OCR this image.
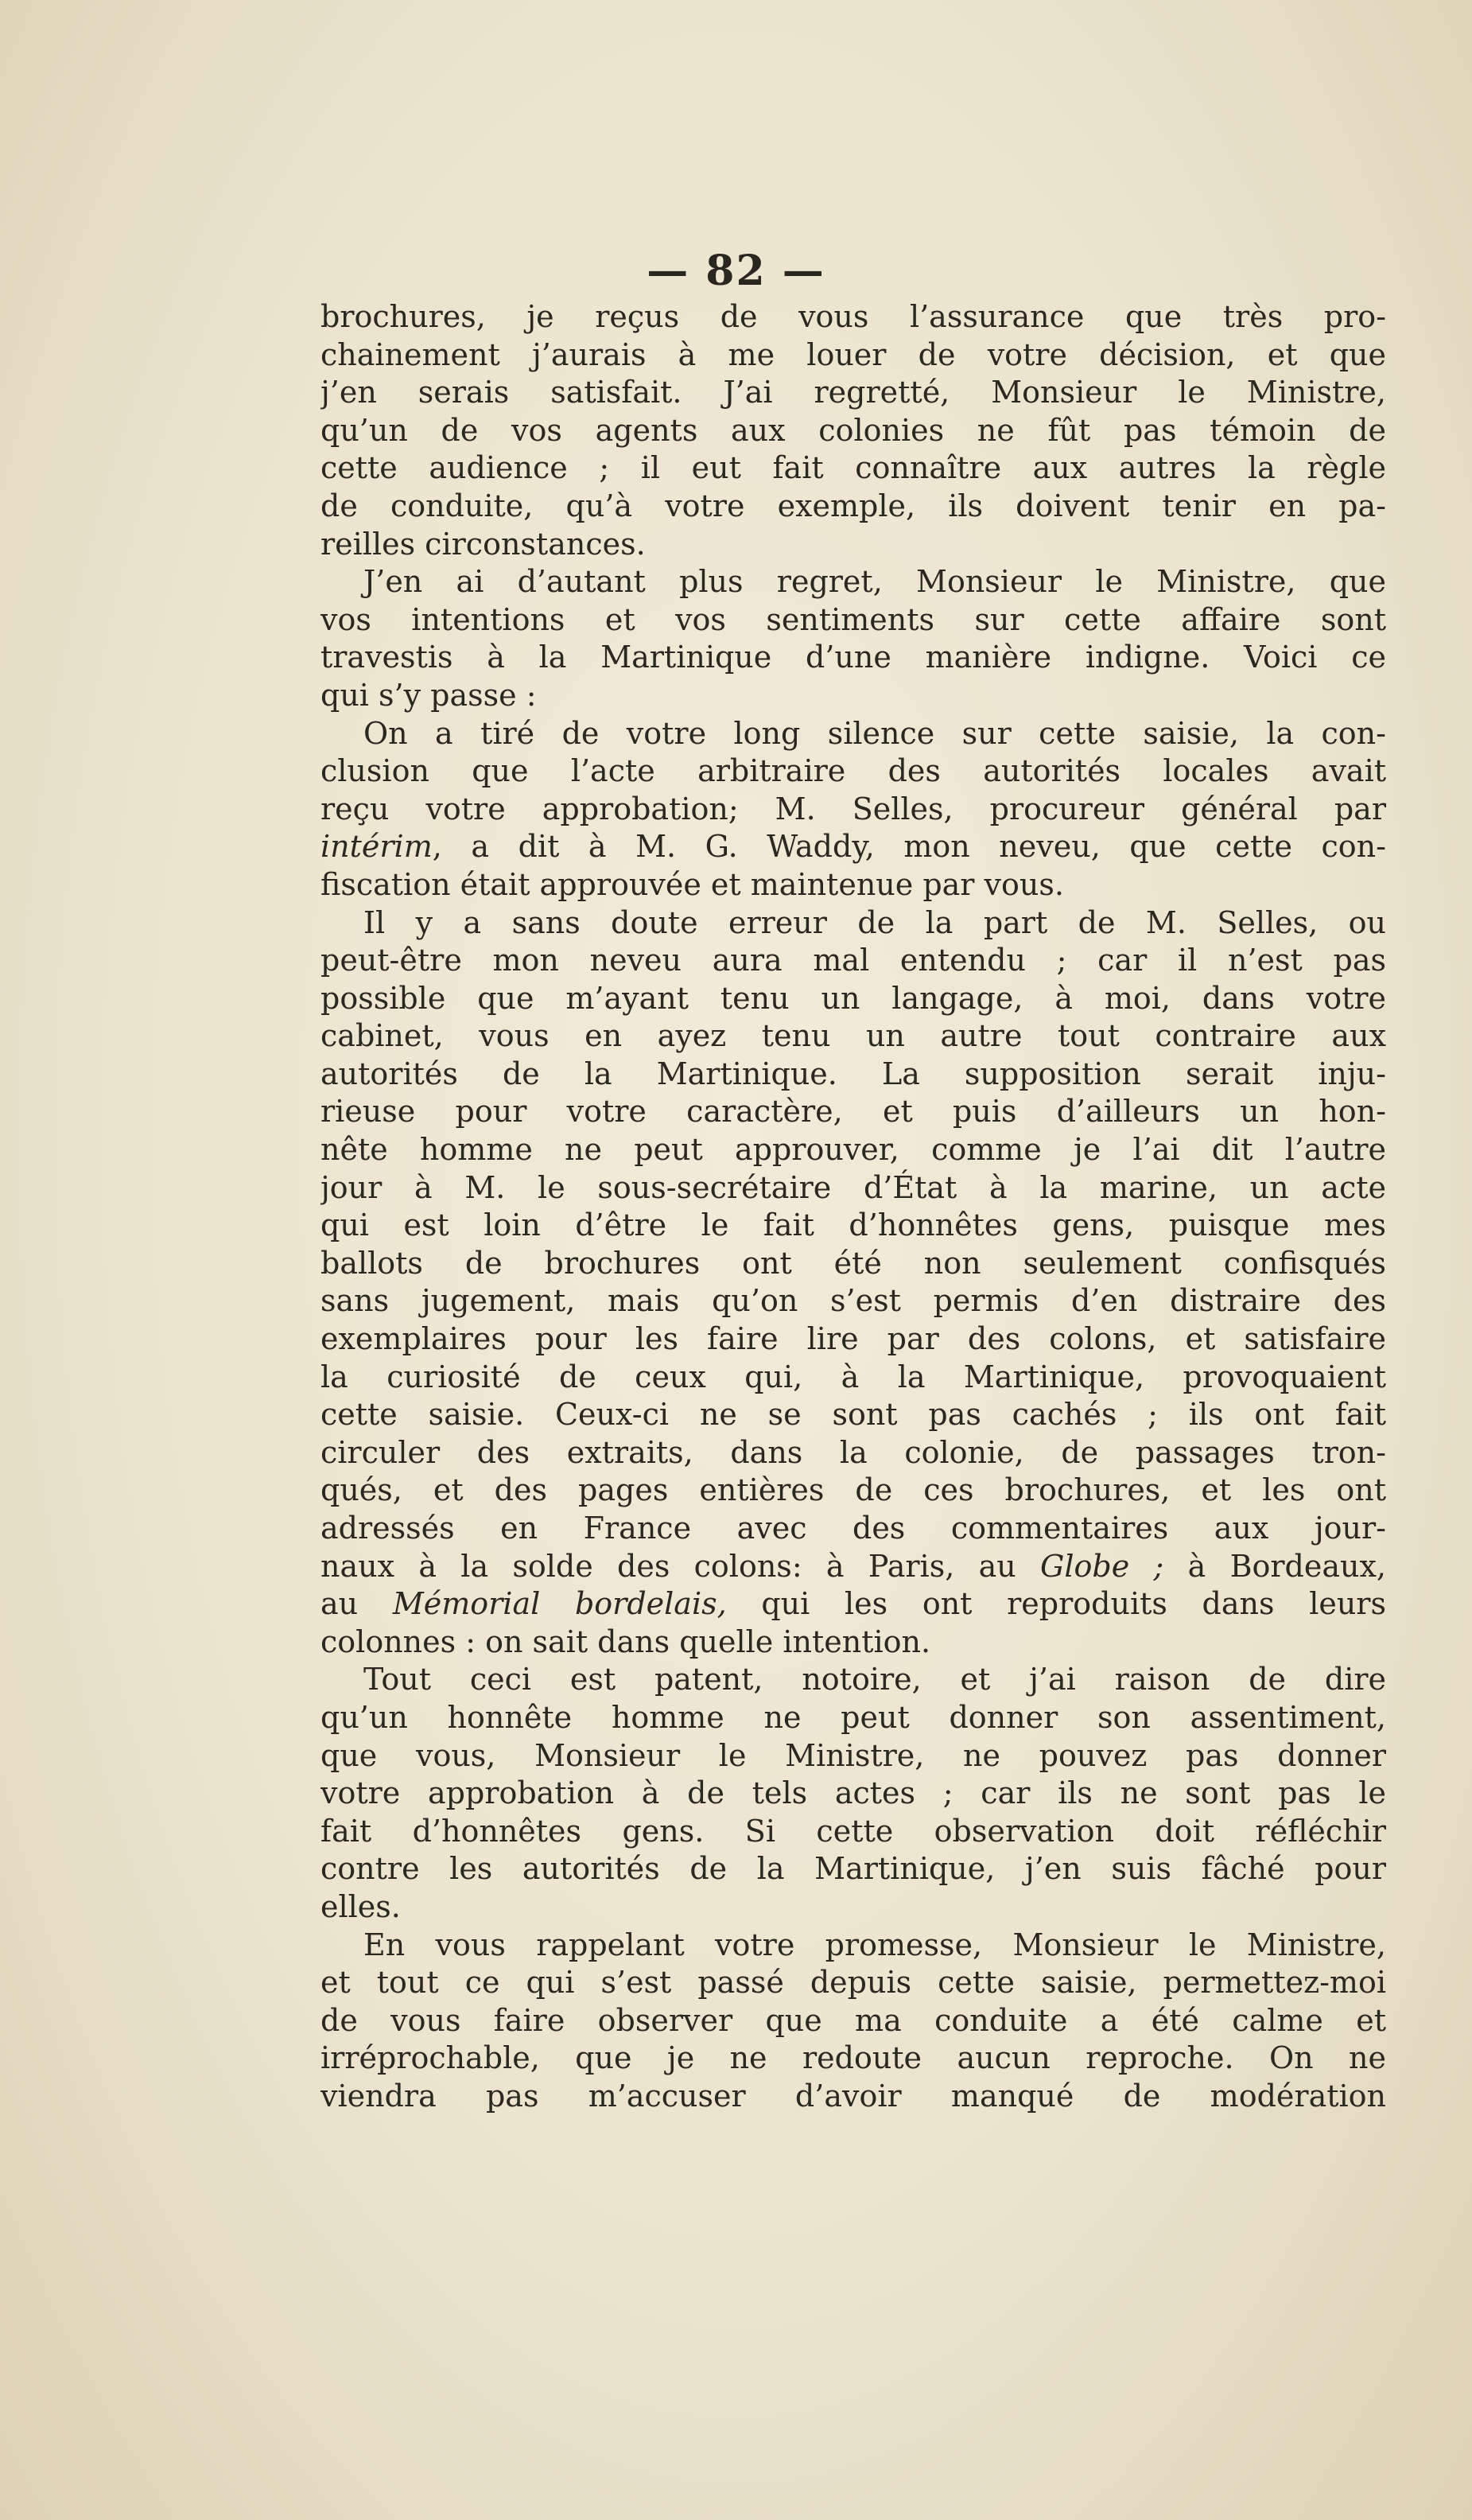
— 82 —
brochures, je reçus de vous l’assurance que très pro-
chainement j’aurais à me louer de votre décision, et que
j’en serais satisfait. J’ai regretté, Monsieur le Ministre,
qu’un de vos agents aux colonies ne fût pas témoin de
cette audience ; il eut fait connaître aux autres la règle
de conduite, qu’à votre exemple, ils doivent tenir en pa-
reilles circonstances.
J’en ai d’autant plus regret, Monsieur le Ministre, que
vos intentions et vos sentiments sur cette affaire sont
travestis à la Martinique d’une manière indigne. Voici ce
qui s’y passe :
On a tiré de votre long silence sur cette saisie, la con-
clusion que l’acte arbitraire des autorités locales avait
reçu votre approbation; M. Selles, procureur général par
intérim, a dit à M. G. Waddy, mon neveu, que cette con-
fiscation était approuvée et maintenue par vous.
Il y a sans doute erreur de la part de M. Selles, ou
peut-être mon neveu aura mal entendu ; car il n’est pas
possible que m’ayant tenu un langage, à moi, dans votre
cabinet, vous en ayez tenu un autre tout contraire aux
autorités de la Martinique. La supposition serait inju-
rieuse pour votre caractère, et puis d’ailleurs un hon-
nête homme ne peut approuver, comme je l’ai dit l’autre
jour à M. le sous-secrétaire d’État à la marine, un acte
qui est loin d’être le fait d’honnêtes gens, puisque mes
ballots de brochures ont été non seulement confisqués
sans jugement, mais qu’on s’est permis d’en distraire des
exemplaires pour les faire lire par des colons, et satisfaire
la curiosité de ceux qui, à la Martinique, provoquaient
cette saisie. Ceux-ci ne se sont pas cachés ; ils ont fait
circuler des extraits, dans la colonie, de passages tron-
qués, et des pages entières de ces brochures, et les ont
adressés en France avec des commentaires aux jour-
naux à la solde des colons: à Paris, au Globe ; à Bordeaux,
au Mémorial bordelais, qui les ont reproduits dans leurs
colonnes : on sait dans quelle intention.
Tout ceci est patent, notoire, et j’ai raison de dire
qu’un honnête homme ne peut donner son assentiment,
que vous, Monsieur le Ministre, ne pouvez pas donner
votre approbation à de tels actes ; car ils ne sont pas le
fait d’honnêtes gens. Si cette observation doit réfléchir
contre les autorités de la Martinique, j’en suis fâché pour
elles.
En vous rappelant votre promesse, Monsieur le Ministre,
et tout ce qui s’est passé depuis cette saisie, permettez-moi
de vous faire observer que ma conduite a été calme et
irréprochable, que je ne redoute aucun reproche. On ne
viendra pas m’accuser d’avoir manqué de modération
